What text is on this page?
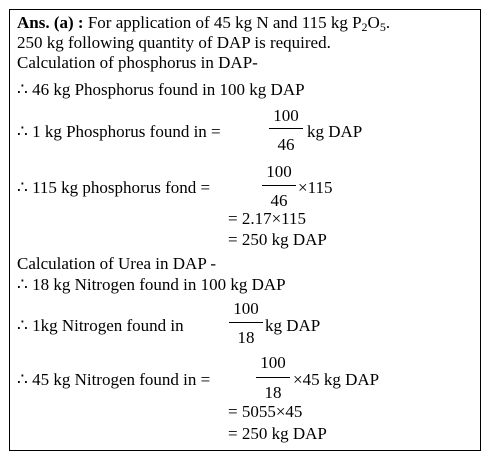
Ans. (a) : For application of 45 kg N and 115 kg $P_2O_5$.
250 kg following quantity of DAP is required.
Calculation of phosphorus in DAP-
∴ 46 kg Phosphorus found in 100 kg DAP
∴ 1 kg Phosphorus found in =
100
46
kg DAP
∴ 115 kg phosphorus fond =
100
46
×115
= 2.17×115
= 250 kg DAP
Calculation of Urea in DAP -
∴ 18 kg Nitrogen found in 100 kg DAP
∴ 1kg Nitrogen found in
100
18
kg DAP
∴ 45 kg Nitrogen found in =
100
18
×45 kg DAP
= 5055×45
= 250 kg DAP
